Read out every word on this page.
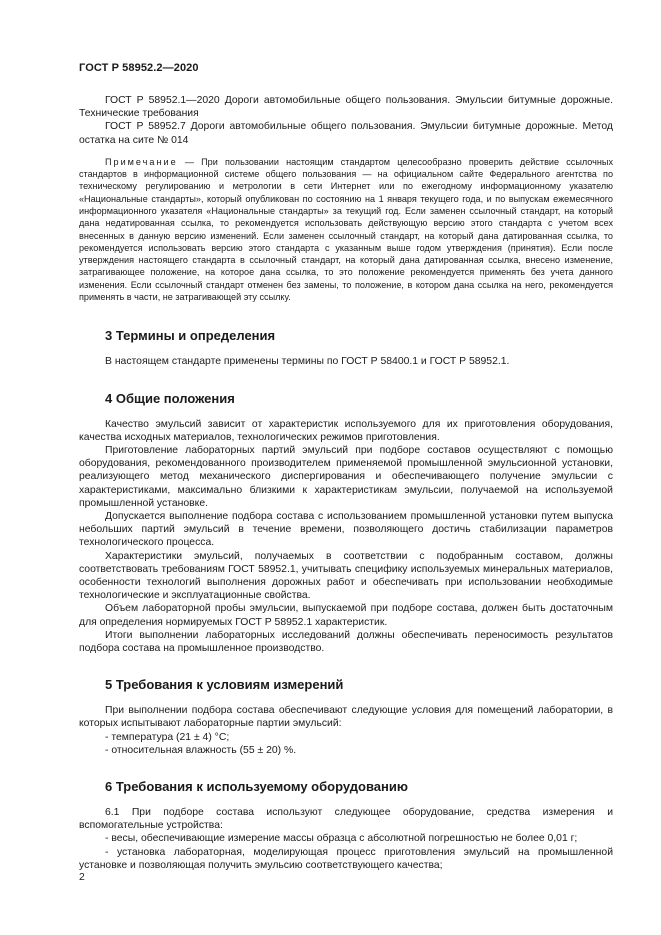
ГОСТ Р 58952.2—2020

ГОСТ Р 58952.1—2020 Дороги автомобильные общего пользования. Эмульсии битумные дорожные. Технические требования

ГОСТ Р 58952.7 Дороги автомобильные общего пользования. Эмульсии битумные дорожные. Метод остатка на сите № 014

Примечание — При пользовании настоящим стандартом целесообразно проверить действие ссылочных стандартов в информационной системе общего пользования — на официальном сайте Федерального агентства по техническому регулированию и метрологии в сети Интернет или по ежегодному информационному указателю «Национальные стандарты», который опубликован по состоянию на 1 января текущего года, и по выпускам ежемесячного информационного указателя «Национальные стандарты» за текущий год. Если заменен ссылочный стандарт, на который дана недатированная ссылка, то рекомендуется использовать действующую версию этого стандарта с учетом всех внесенных в данную версию изменений. Если заменен ссылочный стандарт, на который дана датированная ссылка, то рекомендуется использовать версию этого стандарта с указанным выше годом утверждения (принятия). Если после утверждения настоящего стандарта в ссылочный стандарт, на который дана датированная ссылка, внесено изменение, затрагивающее положение, на которое дана ссылка, то это положение рекомендуется применять без учета данного изменения. Если ссылочный стандарт отменен без замены, то положение, в котором дана ссылка на него, рекомендуется применять в части, не затрагивающей эту ссылку.

3 Термины и определения

В настоящем стандарте применены термины по ГОСТ Р 58400.1 и ГОСТ Р 58952.1.

4 Общие положения

Качество эмульсий зависит от характеристик используемого для их приготовления оборудования, качества исходных материалов, технологических режимов приготовления.

Приготовление лабораторных партий эмульсий при подборе составов осуществляют с помощью оборудования, рекомендованного производителем применяемой промышленной эмульсионной установки, реализующего метод механического диспергирования и обеспечивающего получение эмульсии с характеристиками, максимально близкими к характеристикам эмульсии, получаемой на используемой промышленной установке.

Допускается выполнение подбора состава с использованием промышленной установки путем выпуска небольших партий эмульсий в течение времени, позволяющего достичь стабилизации параметров технологического процесса.

Характеристики эмульсий, получаемых в соответствии с подобранным составом, должны соответствовать требованиям ГОСТ 58952.1, учитывать специфику используемых минеральных материалов, особенности технологий выполнения дорожных работ и обеспечивать при использовании необходимые технологические и эксплуатационные свойства.

Объем лабораторной пробы эмульсии, выпускаемой при подборе состава, должен быть достаточным для определения нормируемых ГОСТ Р 58952.1 характеристик.

Итоги выполнении лабораторных исследований должны обеспечивать переносимость результатов подбора состава на промышленное производство.

5 Требования к условиям измерений

При выполнении подбора состава обеспечивают следующие условия для помещений лаборатории, в которых испытывают лабораторные партии эмульсий:

- температура (21 ± 4) °С;
- относительная влажность (55 ± 20) %.
6 Требования к используемому оборудованию

6.1 При подборе состава используют следующее оборудование, средства измерения и вспомогательные устройства:

- весы, обеспечивающие измерение массы образца с абсолютной погрешностью не более 0,01 г;

- установка лабораторная, моделирующая процесс приготовления эмульсий на промышленной установке и позволяющая получить эмульсию соответствующего качества;

2
